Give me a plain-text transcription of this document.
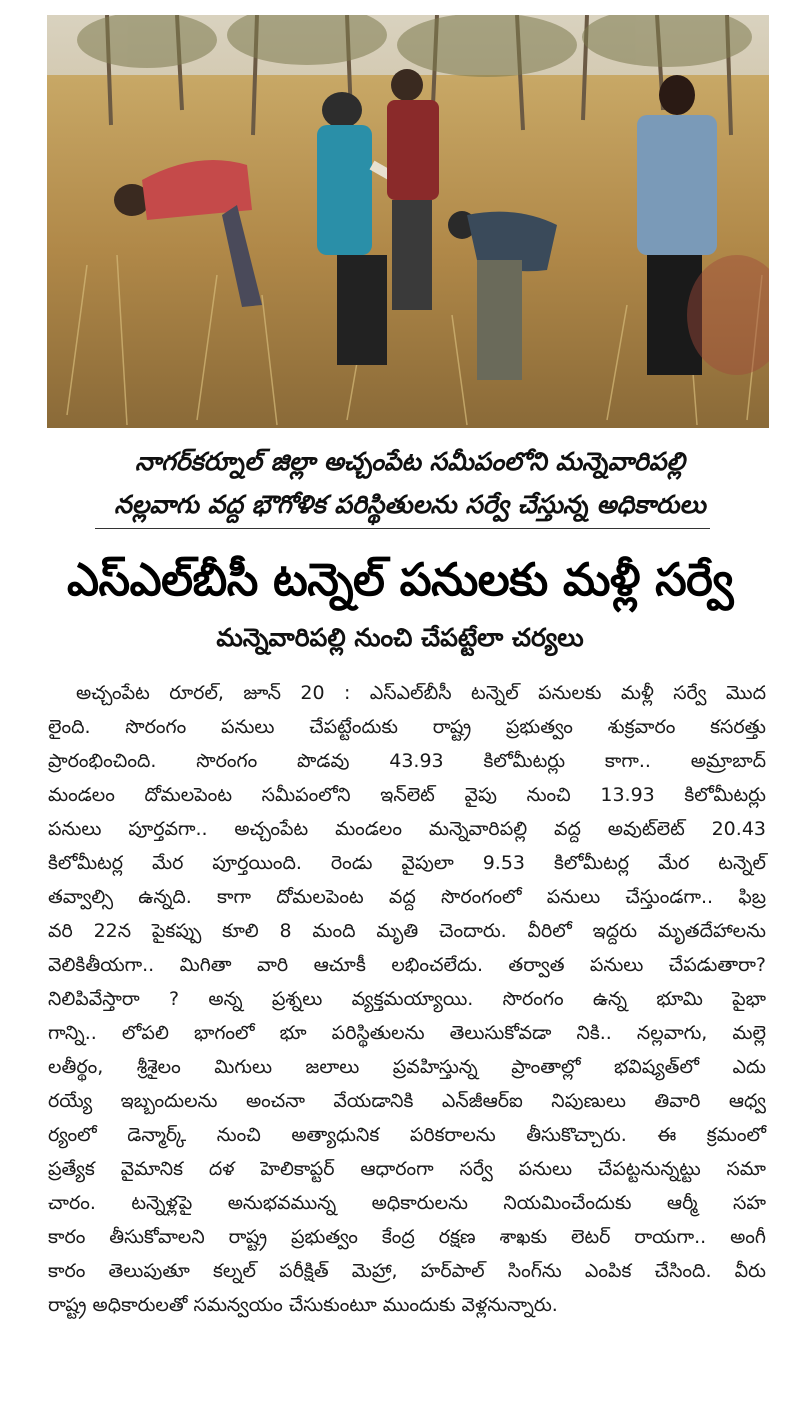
నాగర్‌కర్నూల్ జిల్లా అచ్చంపేట సమీపంలోని మన్నెవారిపల్లి
నల్లవాగు వద్ద భౌగోళిక పరిస్థితులను సర్వే చేస్తున్న అధికారులు
ఎస్ఎల్‌బీసీ టన్నెల్ పనులకు మళ్లీ సర్వే
మన్నెవారిపల్లి నుంచి చేపట్టేలా చర్యలు
అచ్చంపేట రూరల్, జూన్ 20 : ఎస్ఎల్‌బీసీ టన్నెల్ పనులకు మళ్లీ సర్వే మొద
లైంది. సొరంగం పనులు చేపట్టేందుకు రాష్ట్ర ప్రభుత్వం శుక్రవారం కసరత్తు
ప్రారంభించింది. సొరంగం పొడవు 43.93 కిలోమీటర్లు కాగా.. అమ్రాబాద్
మండలం దోమలపెంట సమీపంలోని ఇన్‌లెట్ వైపు నుంచి 13.93 కిలోమీటర్లు
పనులు పూర్తవగా.. అచ్చంపేట మండలం మన్నెవారిపల్లి వద్ద అవుట్‌లెట్ 20.43
కిలోమీటర్ల మేర పూర్తయింది. రెండు వైపులా 9.53 కిలోమీటర్ల మేర టన్నెల్
తవ్వాల్సి ఉన్నది. కాగా దోమలపెంట వద్ద సొరంగంలో పనులు చేస్తుండగా.. ఫిబ్ర
వరి 22న పైకప్పు కూలి 8 మంది మృతి చెందారు. వీరిలో ఇద్దరు మృతదేహాలను
వెలికితీయగా.. మిగితా వారి ఆచూకీ లభించలేదు. తర్వాత పనులు చేపడుతారా?
నిలిపివేస్తారా ? అన్న ప్రశ్నలు వ్యక్తమయ్యాయి. సొరంగం ఉన్న భూమి పైభా
గాన్ని.. లోపలి భాగంలో భూ పరిస్థితులను తెలుసుకోవడా నికి.. నల్లవాగు, మల్లె
లతీర్థం, శ్రీశైలం మిగులు జలాలు ప్రవహిస్తున్న ప్రాంతాల్లో భవిష్యత్‌లో ఎదు
రయ్యే ఇబ్బందులను అంచనా వేయడానికి ఎన్‌జీఆర్ఐ నిపుణులు తివారి ఆధ్వ
ర్యంలో డెన్మార్క్ నుంచి అత్యాధునిక పరికరాలను తీసుకొచ్చారు. ఈ క్రమంలో
ప్రత్యేక వైమానిక దళ హెలికాప్టర్ ఆధారంగా సర్వే పనులు చేపట్టనున్నట్టు సమా
చారం. టన్నెళ్లపై అనుభవమున్న అధికారులను నియమించేందుకు ఆర్మీ సహ
కారం తీసుకోవాలని రాష్ట్ర ప్రభుత్వం కేంద్ర రక్షణ శాఖకు లెటర్ రాయగా.. అంగీ
కారం తెలుపుతూ కల్నల్ పరీక్షిత్ మెహ్రా, హర్‌పాల్ సింగ్‌ను ఎంపిక చేసింది. వీరు
రాష్ట్ర అధికారులతో సమన్వయం చేసుకుంటూ ముందుకు వెళ్లనున్నారు.
